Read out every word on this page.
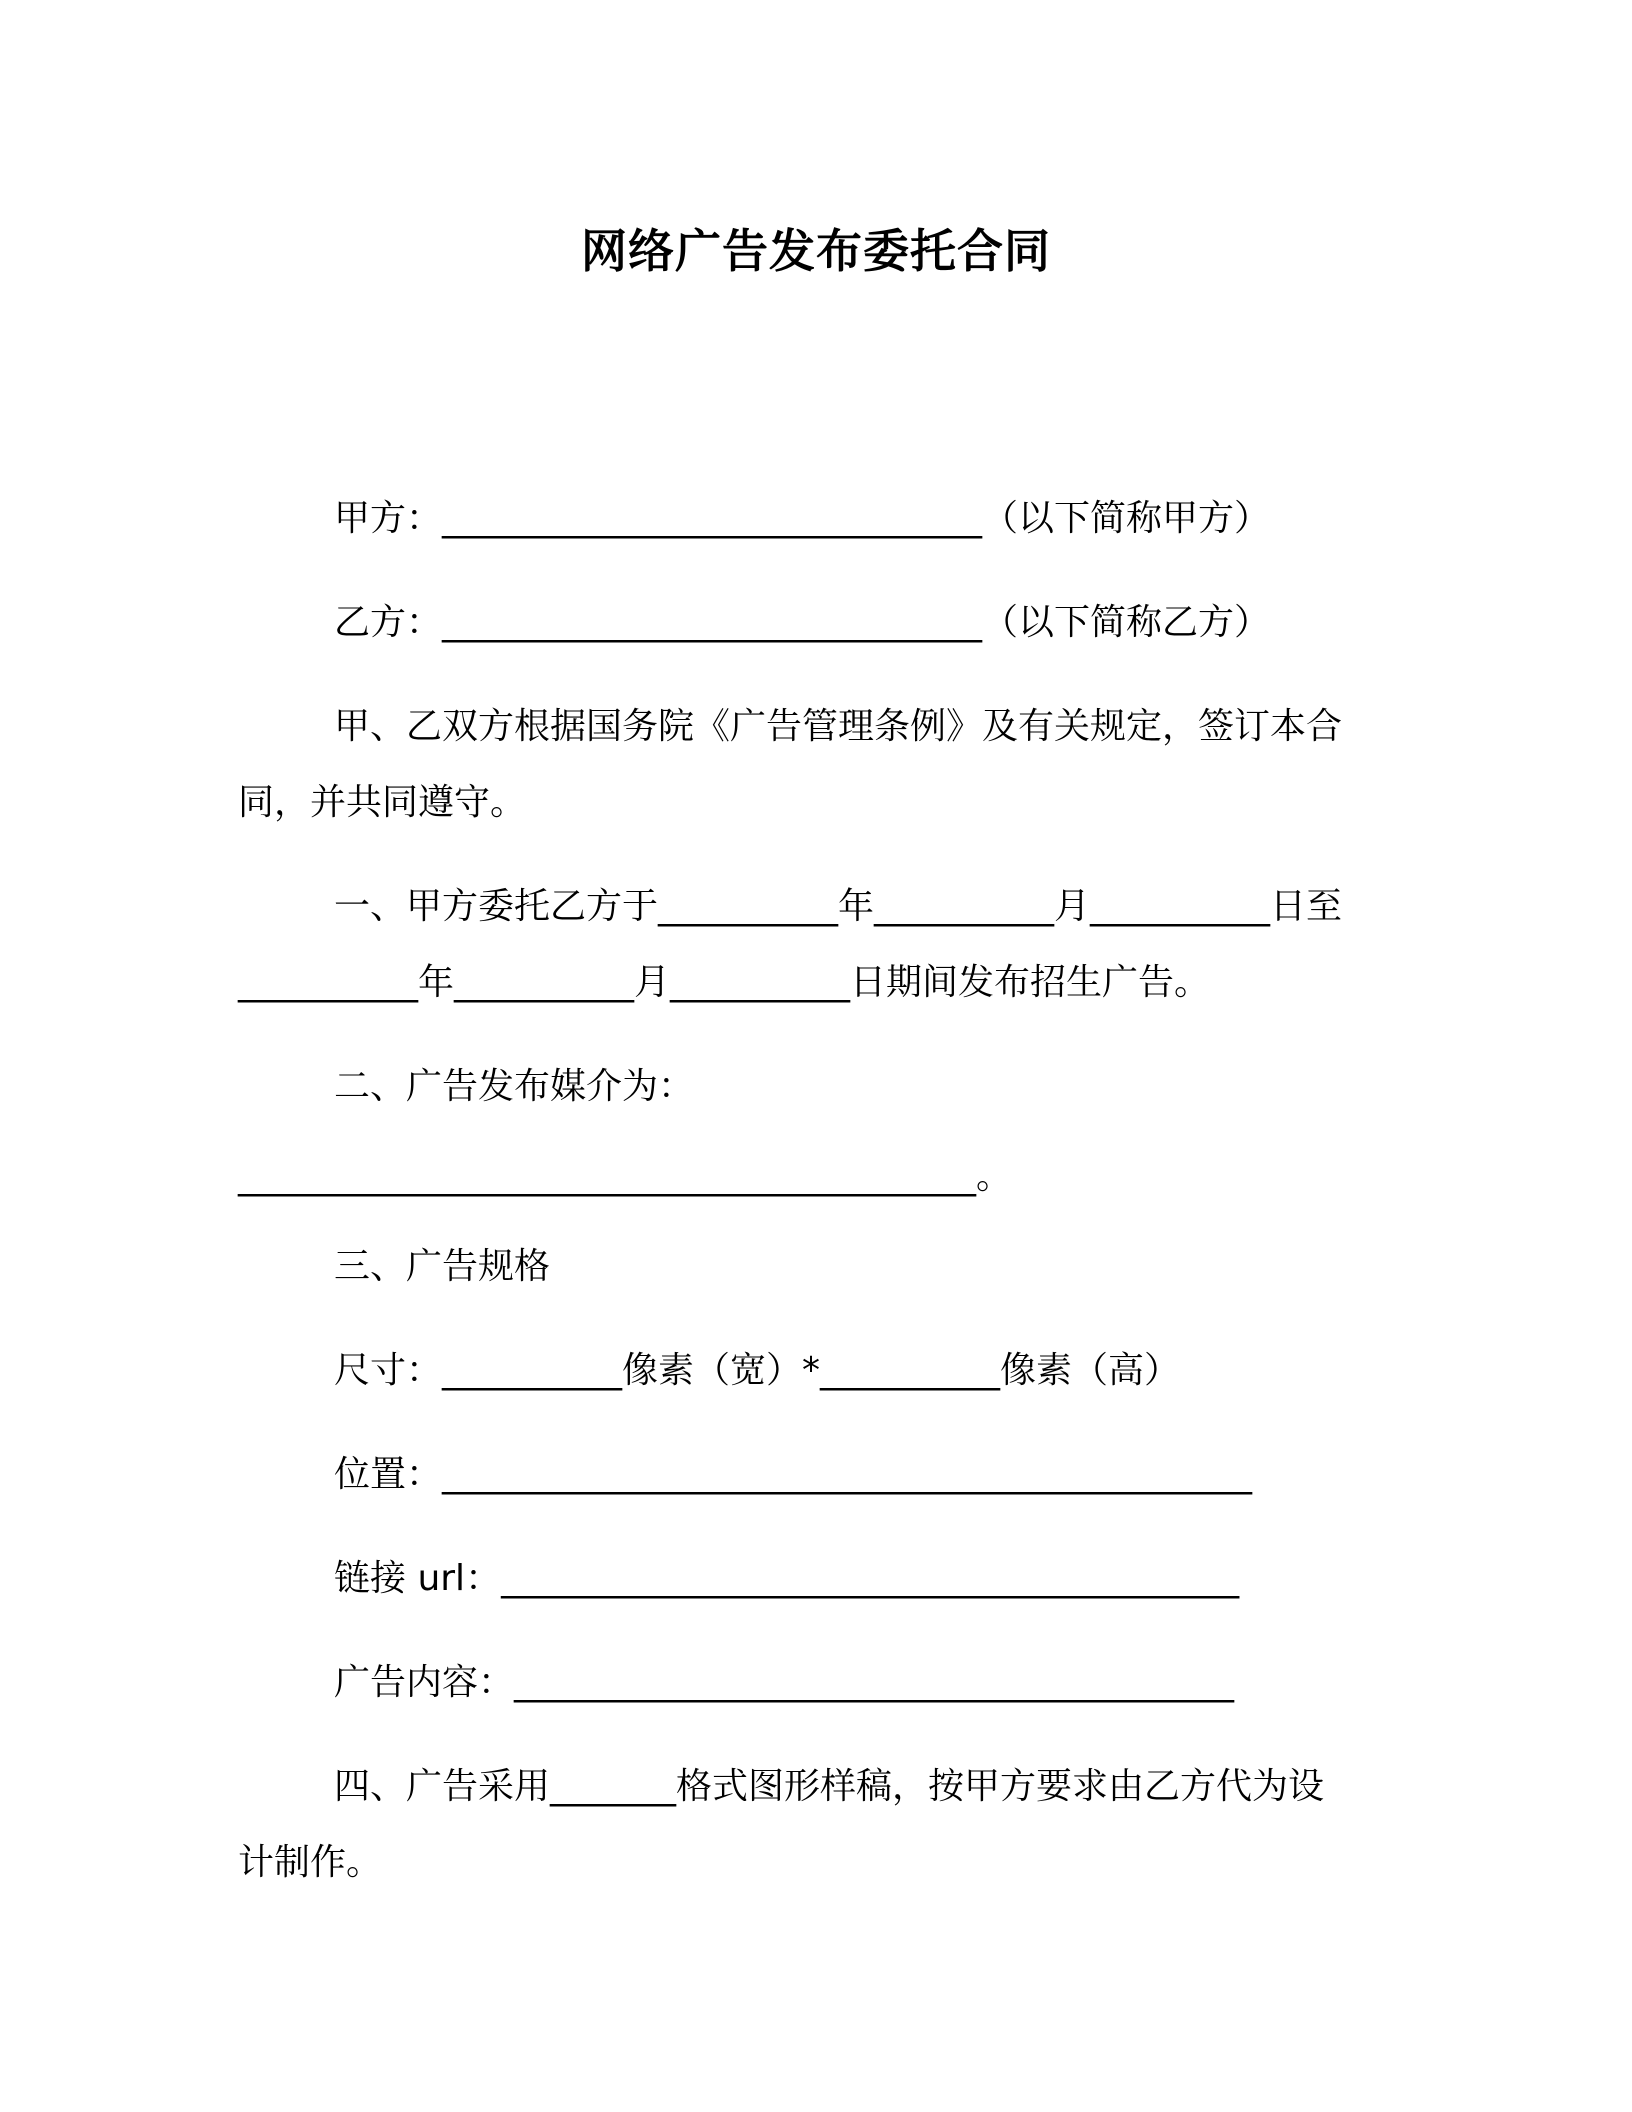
网络广告发布委托合同
甲方：______________________________（以下简称甲方）
乙方：______________________________（以下简称乙方）
甲、乙双方根据国务院《广告管理条例》及有关规定，签订本合
同，并共同遵守。
一、甲方委托乙方于__________年__________月__________日至
__________年__________月__________日期间发布招生广告。
二、广告发布媒介为：
_________________________________________。
三、广告规格
尺寸：__________像素（宽）*__________像素（高）
位置：_____________________________________________
链接 url：_________________________________________
广告内容：________________________________________
四、广告采用_______格式图形样稿，按甲方要求由乙方代为设
计制作。
